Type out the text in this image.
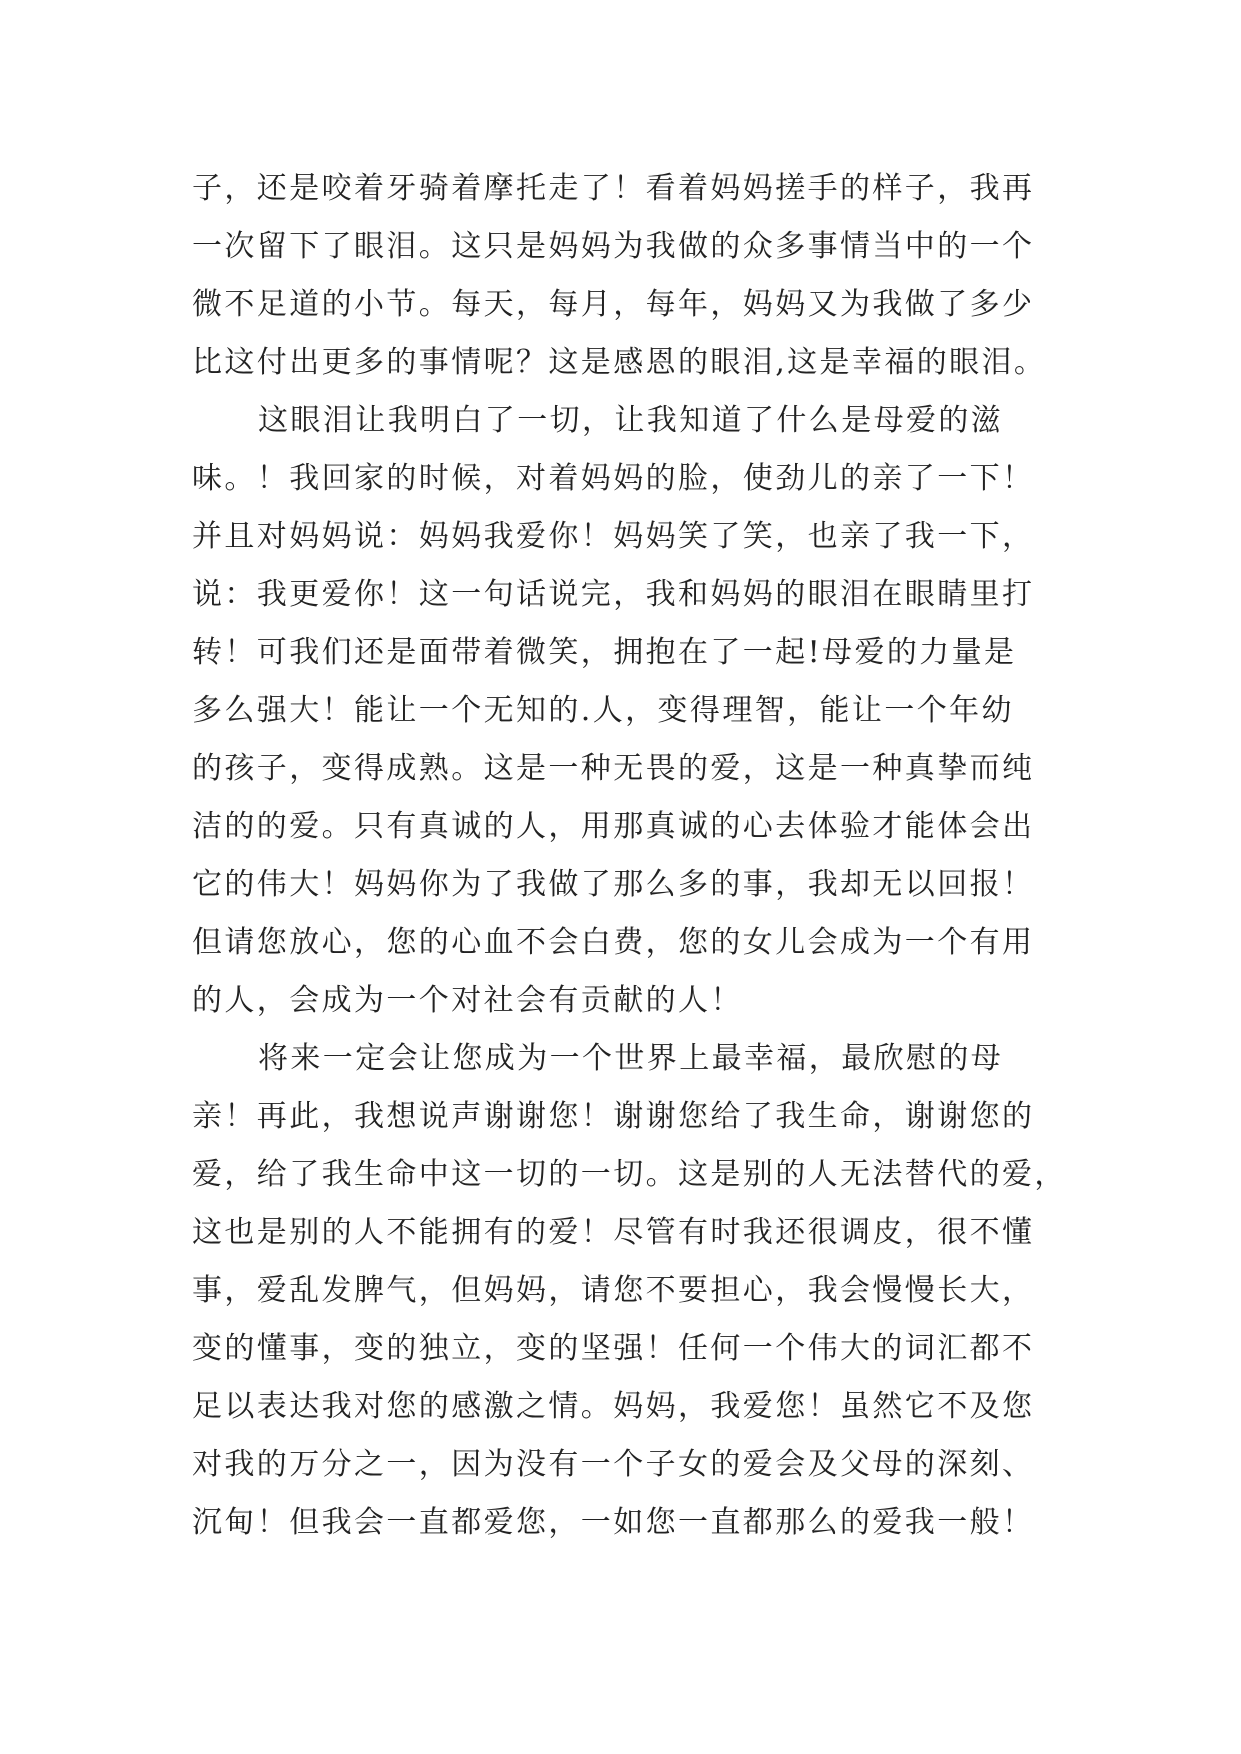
子，还是咬着牙骑着摩托走了！看着妈妈搓手的样子，我再
一次留下了眼泪。这只是妈妈为我做的众多事情当中的一个
微不足道的小节。每天，每月，每年，妈妈又为我做了多少
比这付出更多的事情呢？这是感恩的眼泪,这是幸福的眼泪。
这眼泪让我明白了一切，让我知道了什么是母爱的滋
味。！我回家的时候，对着妈妈的脸，使劲儿的亲了一下！
并且对妈妈说：妈妈我爱你！妈妈笑了笑，也亲了我一下，
说：我更爱你！这一句话说完，我和妈妈的眼泪在眼睛里打
转！可我们还是面带着微笑，拥抱在了一起!母爱的力量是
多么强大！能让一个无知的.人，变得理智，能让一个年幼
的孩子，变得成熟。这是一种无畏的爱，这是一种真挚而纯
洁的的爱。只有真诚的人，用那真诚的心去体验才能体会出
它的伟大！妈妈你为了我做了那么多的事，我却无以回报！
但请您放心，您的心血不会白费，您的女儿会成为一个有用
的人，会成为一个对社会有贡献的人！
将来一定会让您成为一个世界上最幸福，最欣慰的母
亲！再此，我想说声谢谢您！谢谢您给了我生命，谢谢您的
爱，给了我生命中这一切的一切。这是别的人无法替代的爱，
这也是别的人不能拥有的爱！尽管有时我还很调皮，很不懂
事，爱乱发脾气，但妈妈，请您不要担心，我会慢慢长大，
变的懂事，变的独立，变的坚强！任何一个伟大的词汇都不
足以表达我对您的感激之情。妈妈，我爱您！虽然它不及您
对我的万分之一，因为没有一个子女的爱会及父母的深刻、
沉甸！但我会一直都爱您，一如您一直都那么的爱我一般！
